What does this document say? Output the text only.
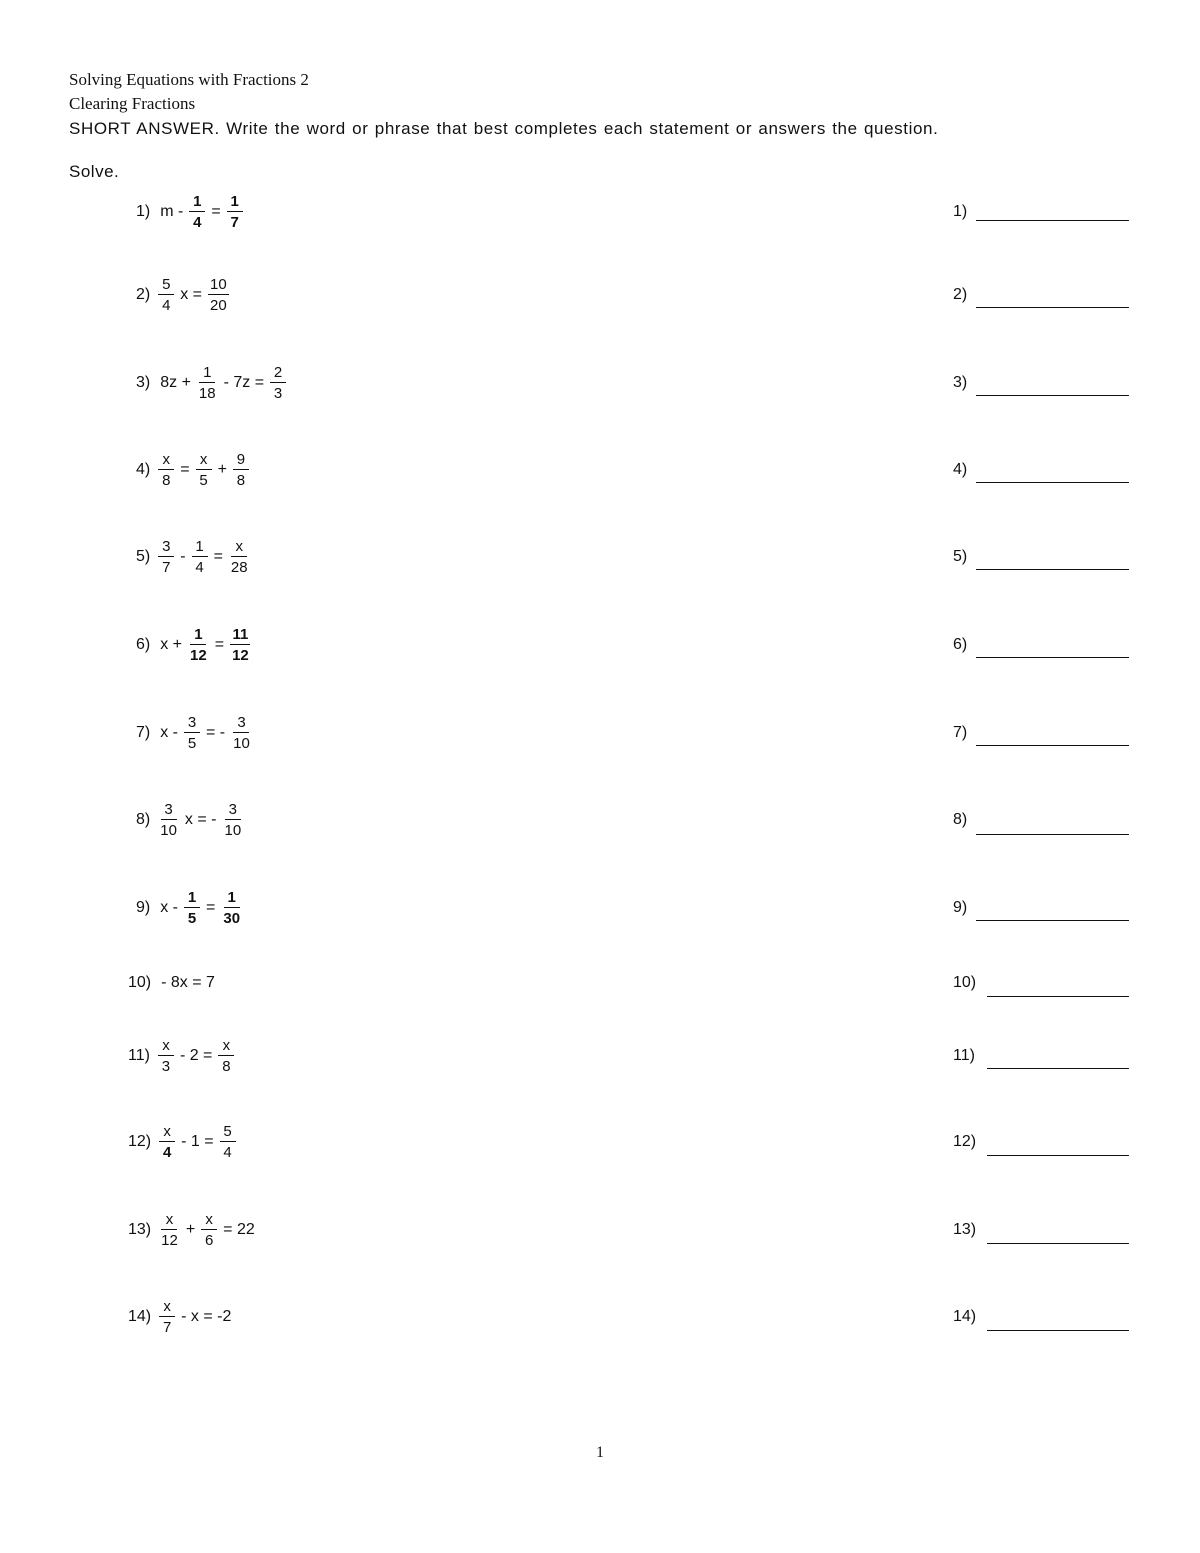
Solving Equations with Fractions 2
Clearing Fractions
SHORT ANSWER. Write the word or phrase that best completes each statement or answers the question.
Solve.
1) $m - \frac{1}{4} = \frac{1}{7}$	1)
$2) \frac{5}{4}$ $x = \frac{10}{20}$	2)
3) $8z + \frac{1}{18} - 7z = \frac{2}{3}$	3)
$4) \frac{x}{8} = \frac{x}{5} + \frac{9}{8}$	4)
$5) \frac{3}{7} - \frac{1}{4} = \frac{x}{28}$	5)
6) $x + \frac{1}{12} = \frac{11}{12}$	6)
7) x - $\frac{3}{5}$ = - $\frac{3}{10}$	7)
$8) \frac{3}{10}$ x = - $\frac{3}{10}$	8)
9) $x - \frac{1}{5} = \frac{1}{30}$	9)
10) - 8x = 7	10)
$11) \frac{x}{3} - 2 = \frac{x}{8}$	11)
$12) \frac{x}{4} - 1 = \frac{5}{4}$	12)
$13) \frac{x}{12} + \frac{x}{6} = 22$	13)
$14) \frac{x}{7} - x = -2$	14)
1
